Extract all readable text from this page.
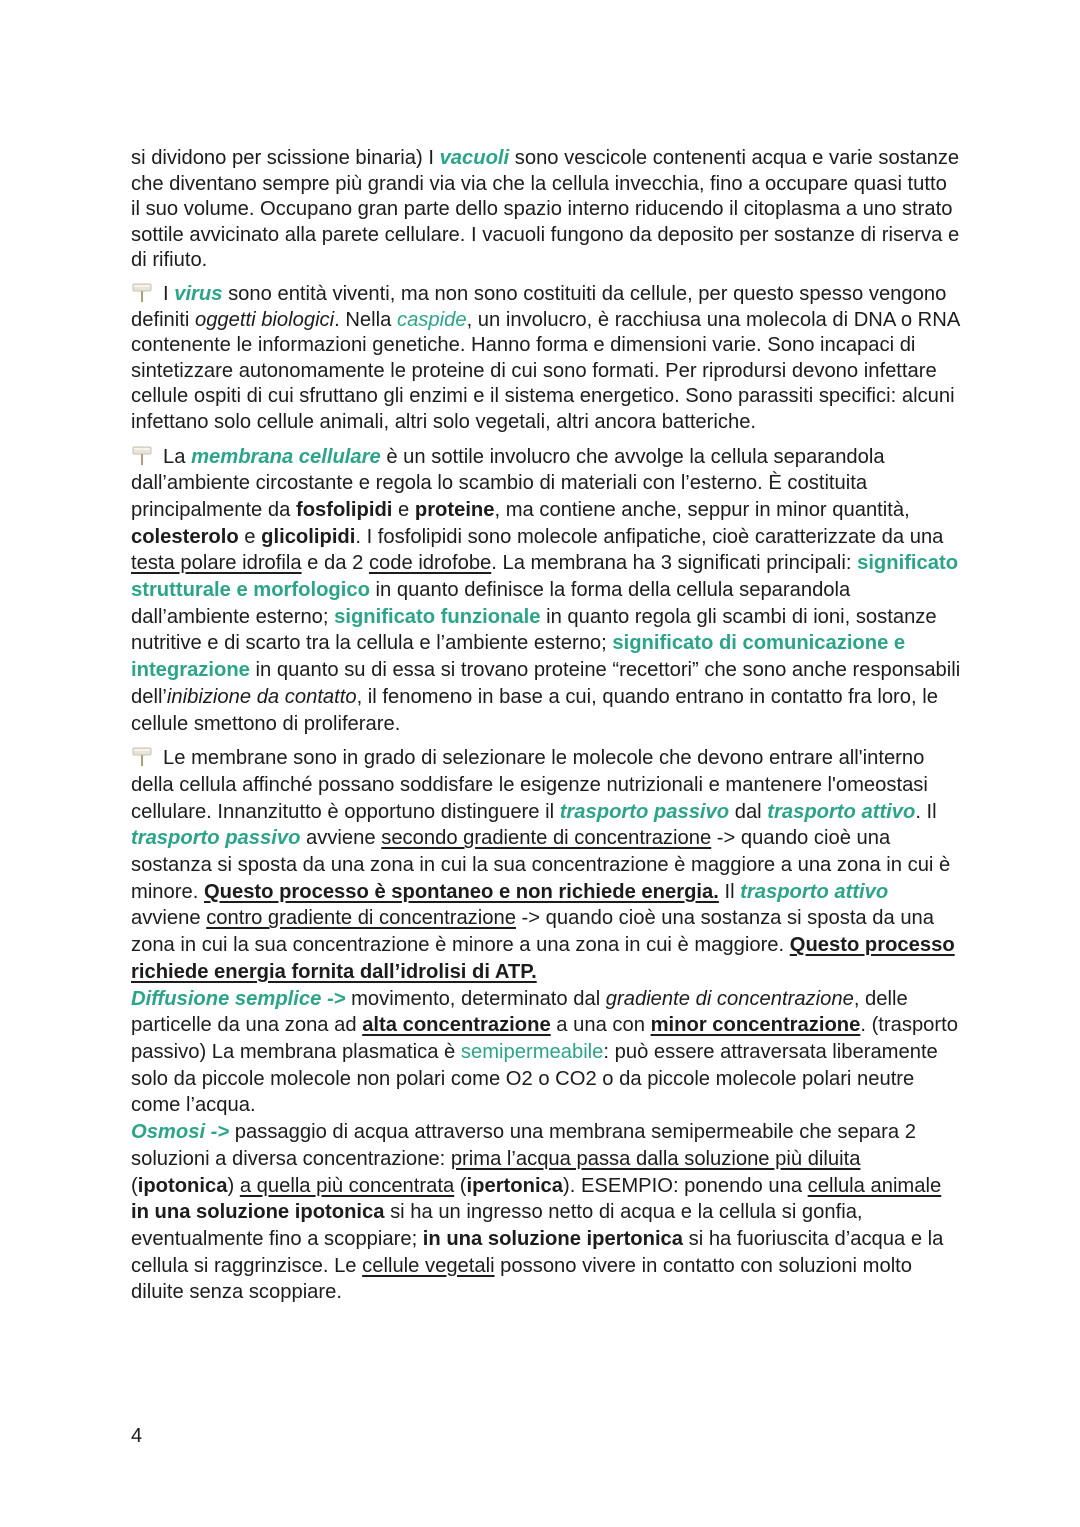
si dividono per scissione binaria) I vacuoli sono vescicole contenenti acqua e varie sostanze che diventano sempre più grandi via via che la cellula invecchia, fino a occupare quasi tutto il suo volume. Occupano gran parte dello spazio interno riducendo il citoplasma a uno strato sottile avvicinato alla parete cellulare. I vacuoli fungono da deposito per sostanze di riserva e di rifiuto.

I virus sono entità viventi, ma non sono costituiti da cellule, per questo spesso vengono definiti oggetti biologici. Nella caspide, un involucro, è racchiusa una molecola di DNA o RNA contenente le informazioni genetiche. Hanno forma e dimensioni varie. Sono incapaci di sintetizzare autonomamente le proteine di cui sono formati. Per riprodursi devono infettare cellule ospiti di cui sfruttano gli enzimi e il sistema energetico. Sono parassiti specifici: alcuni infettano solo cellule animali, altri solo vegetali, altri ancora batteriche.

La membrana cellulare è un sottile involucro che avvolge la cellula separandola dall’ambiente circostante e regola lo scambio di materiali con l’esterno. È costituita principalmente da fosfolipidi e proteine, ma contiene anche, seppur in minor quantità, colesterolo e glicolipidi. I fosfolipidi sono molecole anfipatiche, cioè caratterizzate da una testa polare idrofila e da 2 code idrofobe. La membrana ha 3 significati principali: significato strutturale e morfologico in quanto definisce la forma della cellula separandola dall’ambiente esterno; significato funzionale in quanto regola gli scambi di ioni, sostanze nutritive e di scarto tra la cellula e l’ambiente esterno; significato di comunicazione e integrazione in quanto su di essa si trovano proteine “recettori” che sono anche responsabili dell’inibizione da contatto, il fenomeno in base a cui, quando entrano in contatto fra loro, le cellule smettono di proliferare.

Le membrane sono in grado di selezionare le molecole che devono entrare all'interno della cellula affinché possano soddisfare le esigenze nutrizionali e mantenere l'omeostasi cellulare. Innanzitutto è opportuno distinguere il trasporto passivo dal trasporto attivo. Il trasporto passivo avviene secondo gradiente di concentrazione -> quando cioè una sostanza si sposta da una zona in cui la sua concentrazione è maggiore a una zona in cui è minore. Questo processo è spontaneo e non richiede energia. Il trasporto attivo avviene contro gradiente di concentrazione -> quando cioè una sostanza si sposta da una zona in cui la sua concentrazione è minore a una zona in cui è maggiore. Questo processo richiede energia fornita dall’idrolisi di ATP.

Diffusione semplice -> movimento, determinato dal gradiente di concentrazione, delle particelle da una zona ad alta concentrazione a una con minor concentrazione. (trasporto passivo) La membrana plasmatica è semipermeabile: può essere attraversata liberamente solo da piccole molecole non polari come O2 o CO2 o da piccole molecole polari neutre come l’acqua.

Osmosi -> passaggio di acqua attraverso una membrana semipermeabile che separa 2 soluzioni a diversa concentrazione: prima l’acqua passa dalla soluzione più diluita (ipotonica) a quella più concentrata (ipertonica). ESEMPIO: ponendo una cellula animale in una soluzione ipotonica si ha un ingresso netto di acqua e la cellula si gonfia, eventualmente fino a scoppiare; in una soluzione ipertonica si ha fuoriuscita d’acqua e la cellula si raggrinzisce. Le cellule vegetali possono vivere in contatto con soluzioni molto diluite senza scoppiare.

4
